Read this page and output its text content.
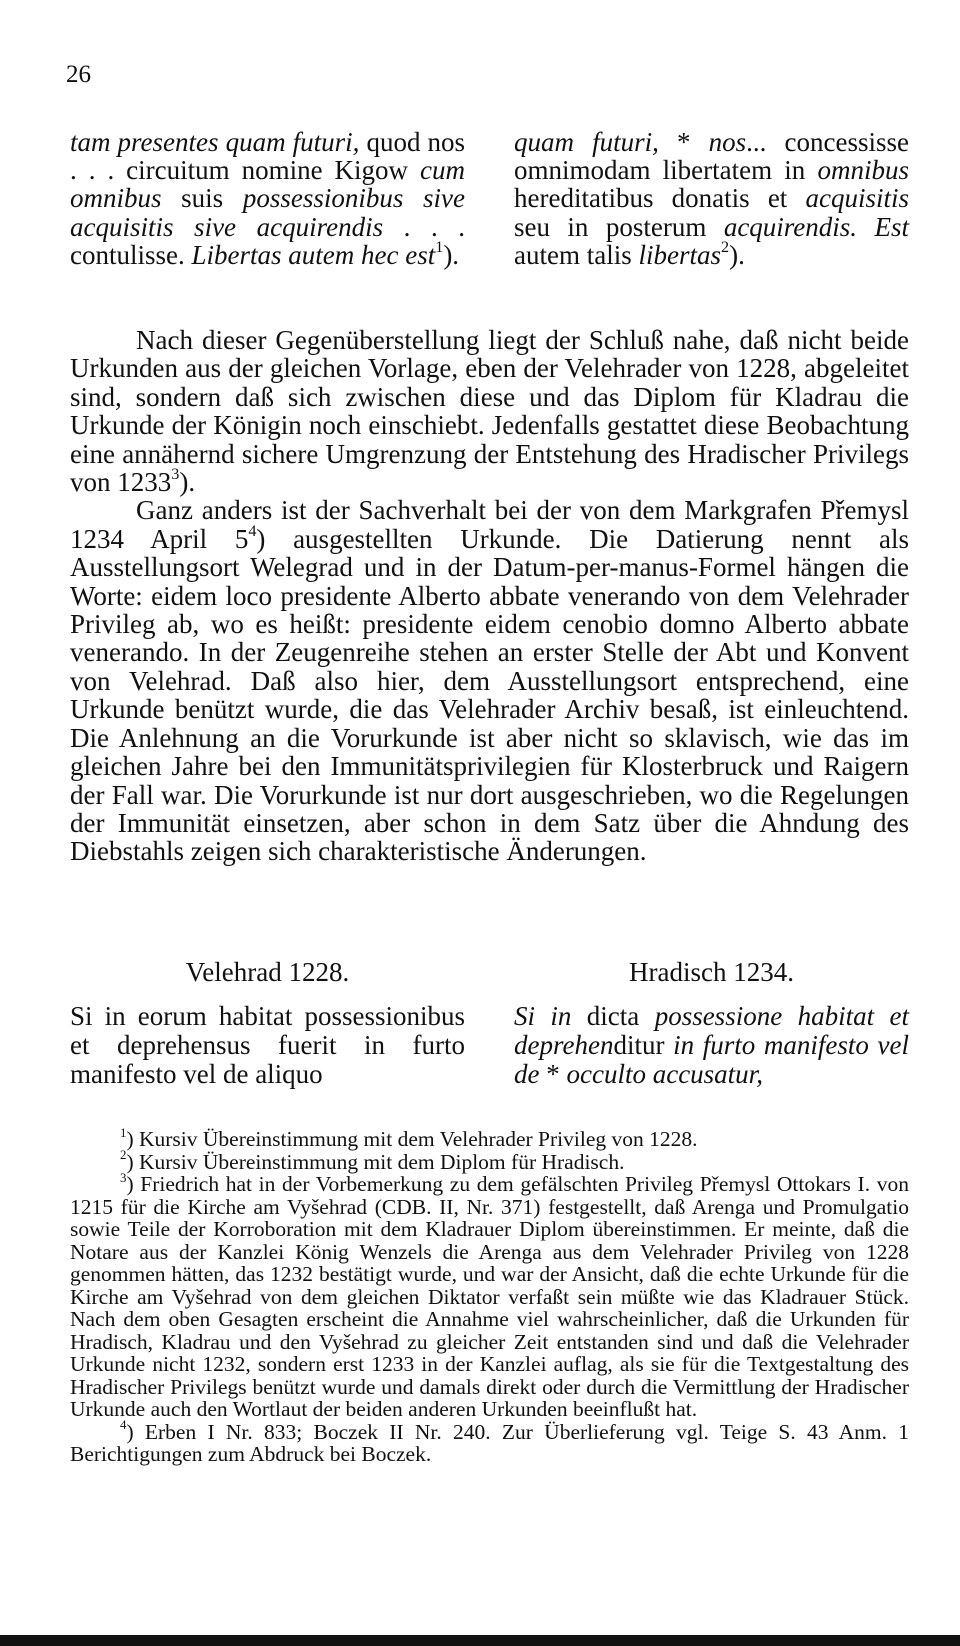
26

tam presentes quam futuri, quod nos . . . circuitum nomine Kigow cum omnibus suis possessionibus sive acquisitis sive acquirendis . . . contulisse. Libertas autem hec est$^1$).

quam futuri, * nos... concessisse omnimodam libertatem in omnibus hereditatibus donatis et acquisitis seu in posterum acquirendis. Est autem talis libertas$^2$).

Nach dieser Gegenüberstellung liegt der Schluß nahe, daß nicht beide Urkunden aus der gleichen Vorlage, eben der Velehrader von 1228, abgeleitet sind, sondern daß sich zwischen diese und das Diplom für Kladrau die Urkunde der Königin noch einschiebt. Jedenfalls gestattet diese Beobachtung eine annähernd sichere Umgrenzung der Entstehung des Hradischer Privilegs von 1233$^3$).

Ganz anders ist der Sachverhalt bei der von dem Markgrafen Přemysl 1234 April $5^4$) ausgestellten Urkunde. Die Datierung nennt als Ausstellungsort Welegrad und in der Datum-per-manus-Formel hängen die Worte: eidem loco presidente Alberto abbate venerando von dem Velehrader Privileg ab, wo es heißt: presidente eidem cenobio domno Alberto abbate venerando. In der Zeugenreihe stehen an erster Stelle der Abt und Konvent von Velehrad. Daß also hier, dem Ausstellungsort entsprechend, eine Urkunde benützt wurde, die das Velehrader Archiv besaß, ist einleuchtend. Die Anlehnung an die Vorurkunde ist aber nicht so sklavisch, wie das im gleichen Jahre bei den Immunitätsprivilegien für Klosterbruck und Raigern der Fall war. Die Vorurkunde ist nur dort ausgeschrieben, wo die Regelungen der Immunität einsetzen, aber schon in dem Satz über die Ahndung des Diebstahls zeigen sich charakteristische Änderungen.

Velehrad 1228.	Hradisch 1234.

Si in eorum habitat possessionibus et deprehensus fuerit in furto manifesto vel de aliquo

Si in dicta possessione habitat et deprehenditur in furto manifesto vel de * occulto accusatur,

$^1$) Kursiv Übereinstimmung mit dem Velehrader Privileg von 1228.

$^2$) Kursiv Übereinstimmung mit dem Diplom für Hradisch.

$^3$) Friedrich hat in der Vorbemerkung zu dem gefälschten Privileg Přemysl Ottokars I. von 1215 für die Kirche am Vyšehrad (CDB. II, Nr. 371) festgestellt, daß Arenga und Promulgatio sowie Teile der Korroboration mit dem Kladrauer Diplom übereinstimmen. Er meinte, daß die Notare aus der Kanzlei König Wenzels die Arenga aus dem Velehrader Privileg von 1228 genommen hätten, das 1232 bestätigt wurde, und war der Ansicht, daß die echte Urkunde für die Kirche am Vyšehrad von dem gleichen Diktator verfaßt sein müßte wie das Kladrauer Stück. Nach dem oben Gesagten erscheint die Annahme viel wahrscheinlicher, daß die Urkunden für Hradisch, Kladrau und den Vyšehrad zu gleicher Zeit entstanden sind und daß die Velehrader Urkunde nicht 1232, sondern erst 1233 in der Kanzlei auflag, als sie für die Textgestaltung des Hradischer Privilegs benützt wurde und damals direkt oder durch die Vermittlung der Hradischer Urkunde auch den Wortlaut der beiden anderen Urkunden beeinflußt hat.

$^4$) Erben I Nr. 833; Boczek II Nr. 240. Zur Überlieferung vgl. Teige S. 43 Anm. 1 Berichtigungen zum Abdruck bei Boczek.
